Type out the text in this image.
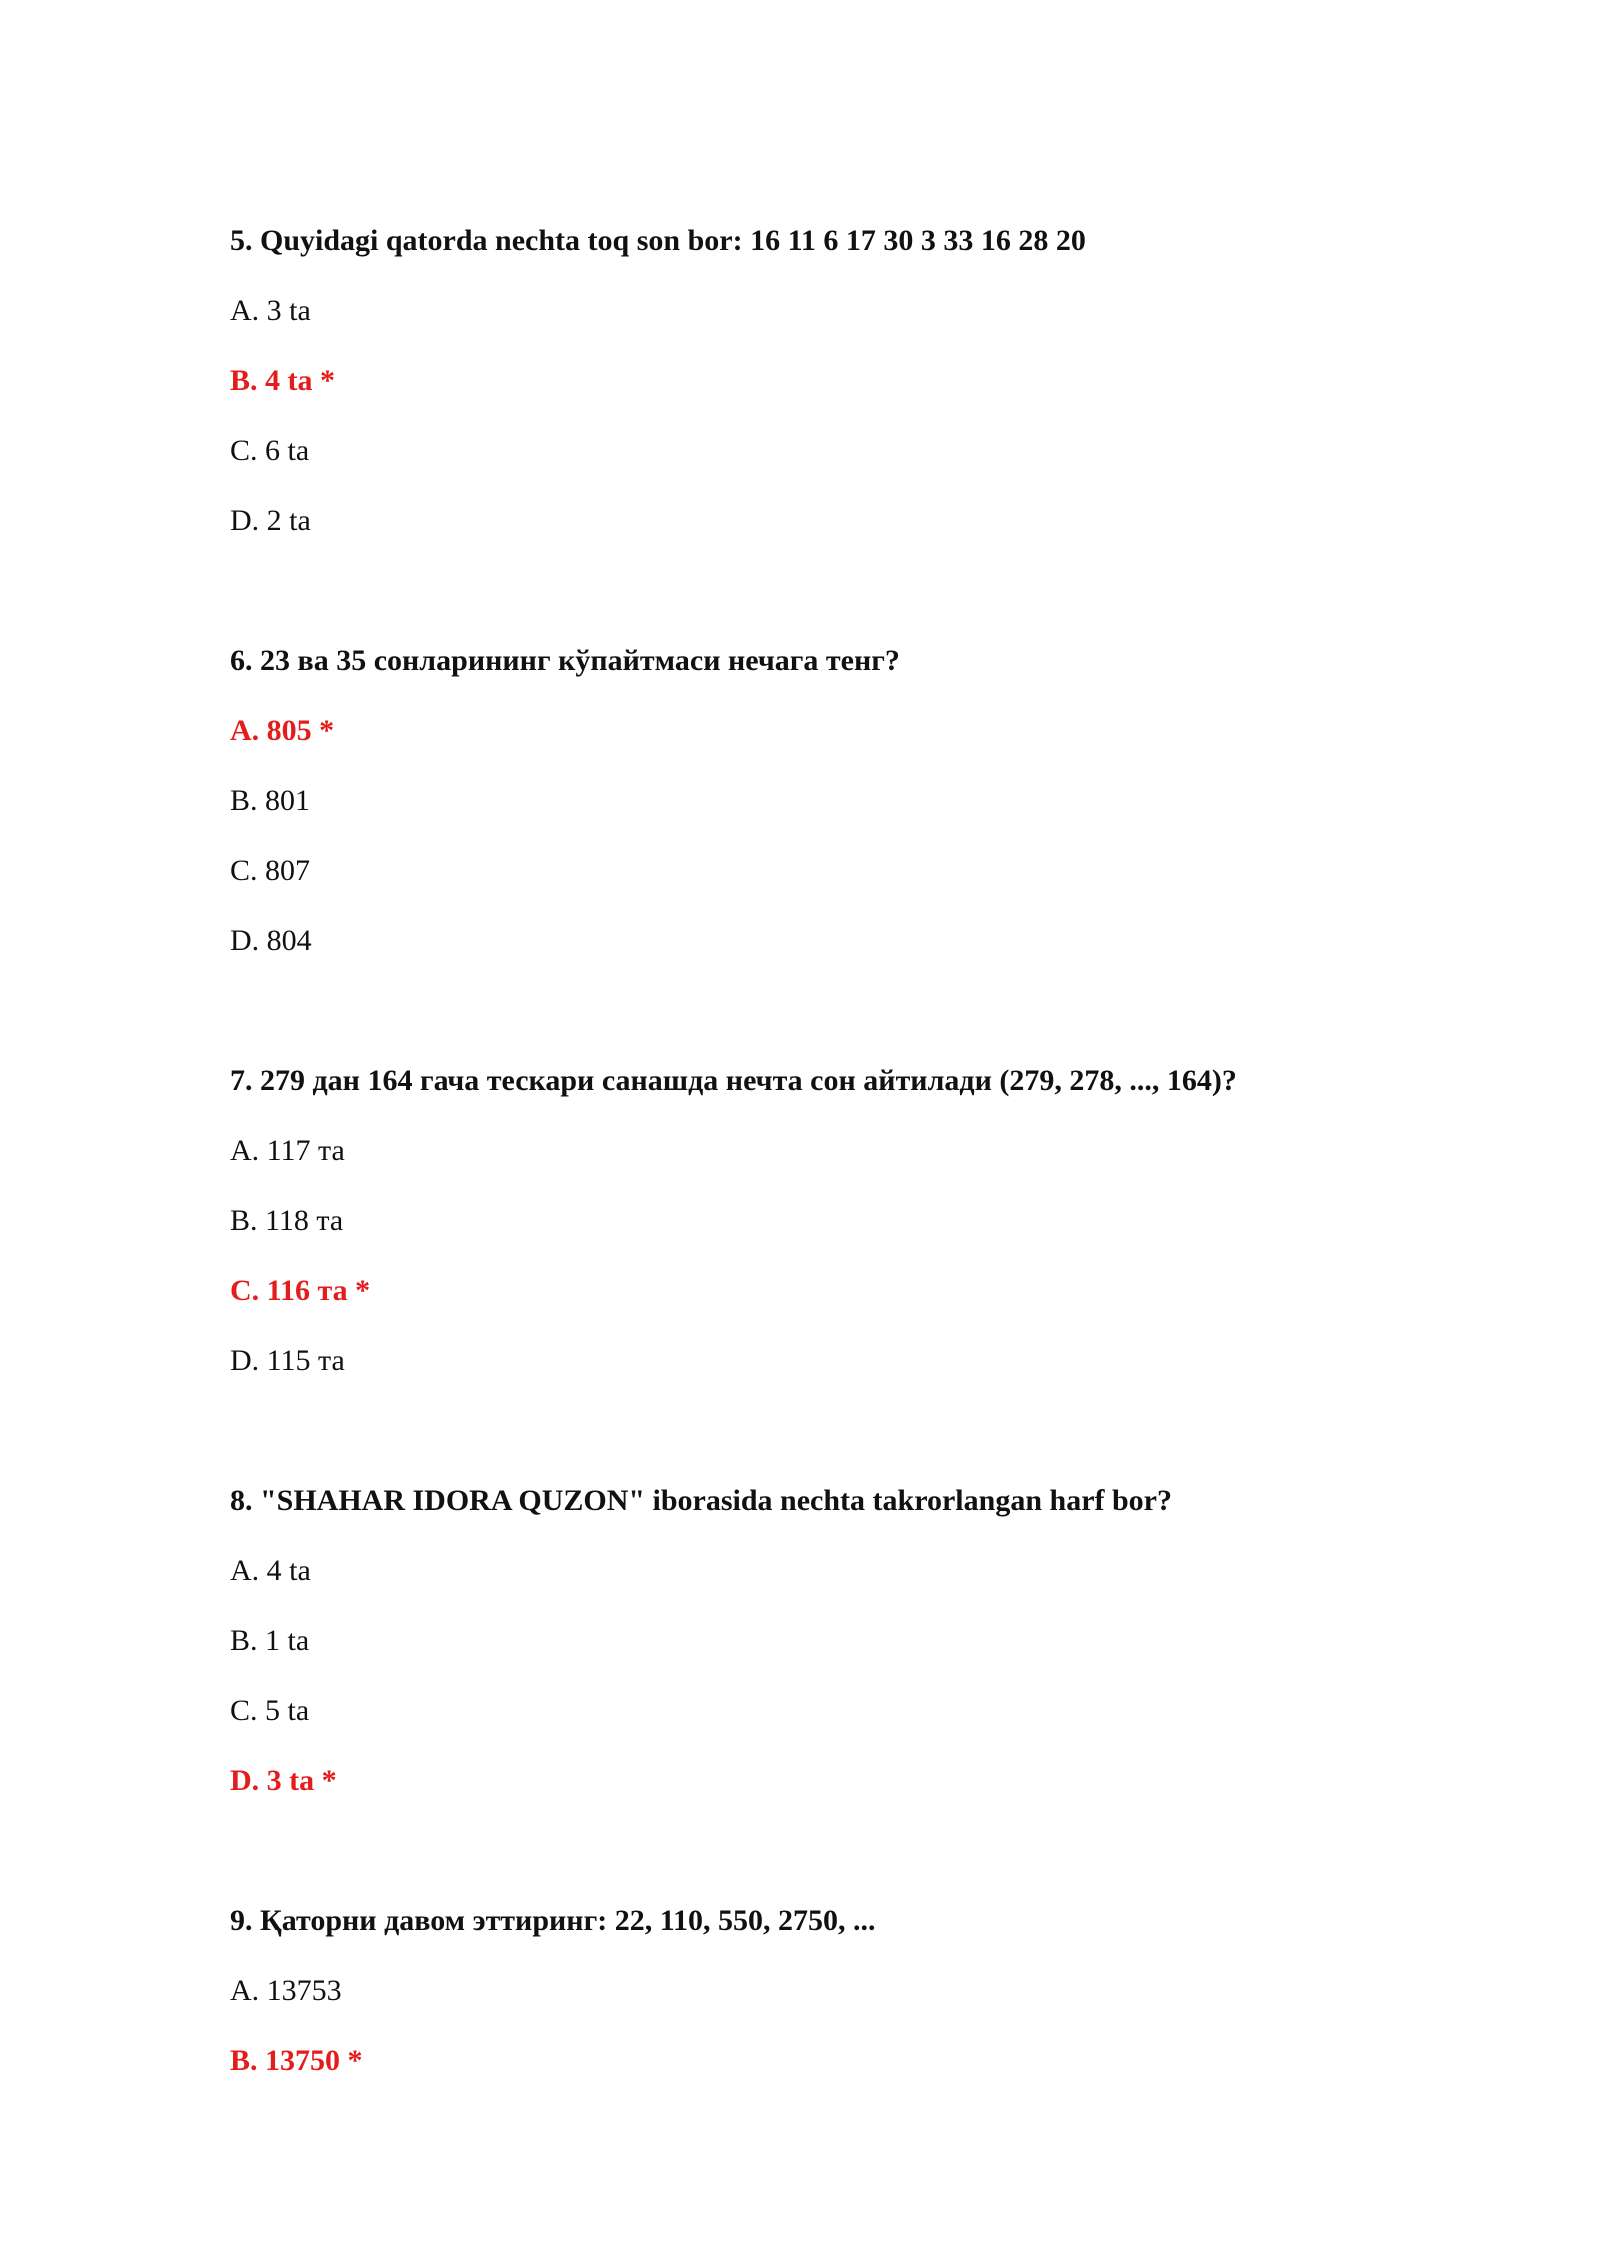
5. Quyidagi qatorda nechta toq son bor: 16 11 6 17 30 3 33 16 28 20
A. 3 ta
B. 4 ta *
C. 6 ta
D. 2 ta
6. 23 ва 35 сонларининг кўпайтмаси нечага тенг?
A. 805 *
B. 801
C. 807
D. 804
7. 279 дан 164 гача тескари санашда нечта сон айтилади (279, 278, ..., 164)?
A. 117 та
B. 118 та
C. 116 та *
D. 115 та
8. "SHAHAR IDORA QUZON" iborasida nechta takrorlangan harf bor?
A. 4 ta
B. 1 ta
C. 5 ta
D. 3 ta *
9. Қаторни давом эттиринг: 22, 110, 550, 2750, ...
A. 13753
B. 13750 *
